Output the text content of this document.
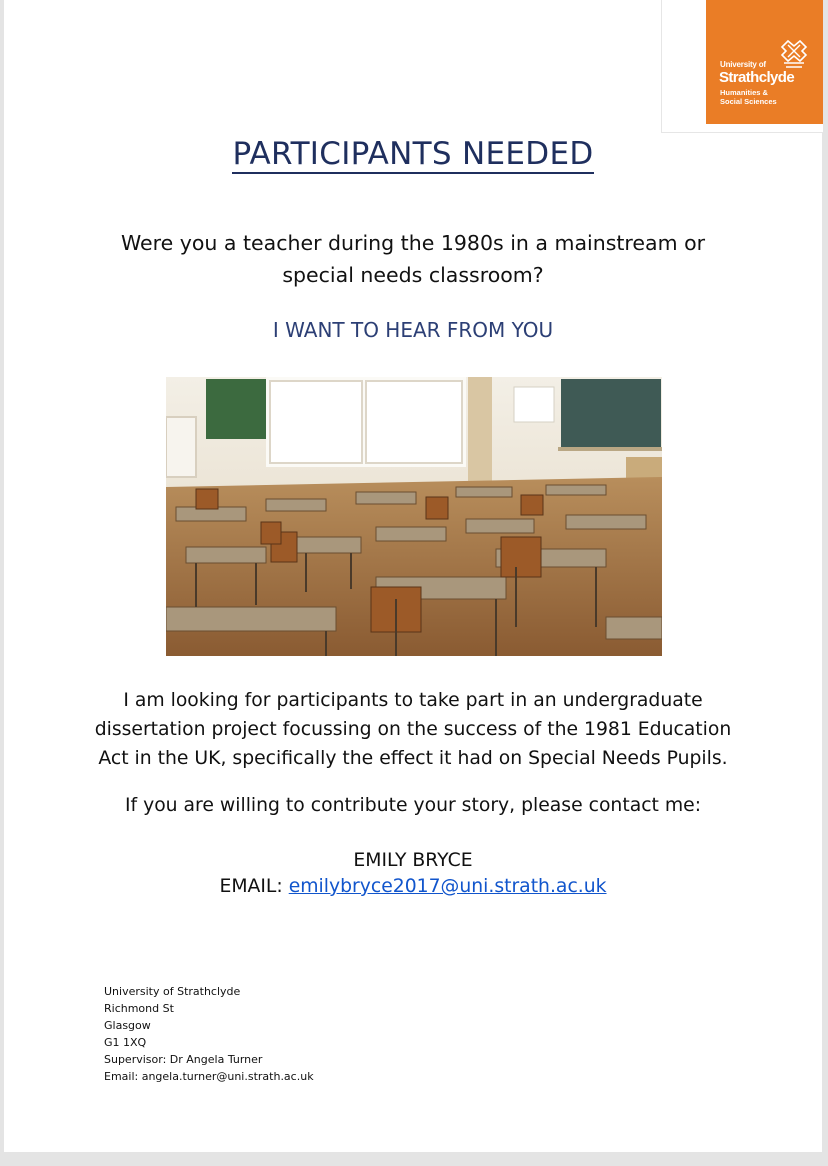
University of
Strathclyde
Humanities &
Social Sciences
PARTICIPANTS NEEDED
Were you a teacher during the 1980s in a mainstream or
special needs classroom?
I WANT TO HEAR FROM YOU
I am looking for participants to take part in an undergraduate
dissertation project focussing on the success of the 1981 Education
Act in the UK, specifically the effect it had on Special Needs Pupils.
If you are willing to contribute your story, please contact me:
EMILY BRYCE
EMAIL: emilybryce2017@uni.strath.ac.uk
University of Strathclyde
Richmond St
Glasgow
G1 1XQ
Supervisor: Dr Angela Turner
Email: angela.turner@uni.strath.ac.uk
